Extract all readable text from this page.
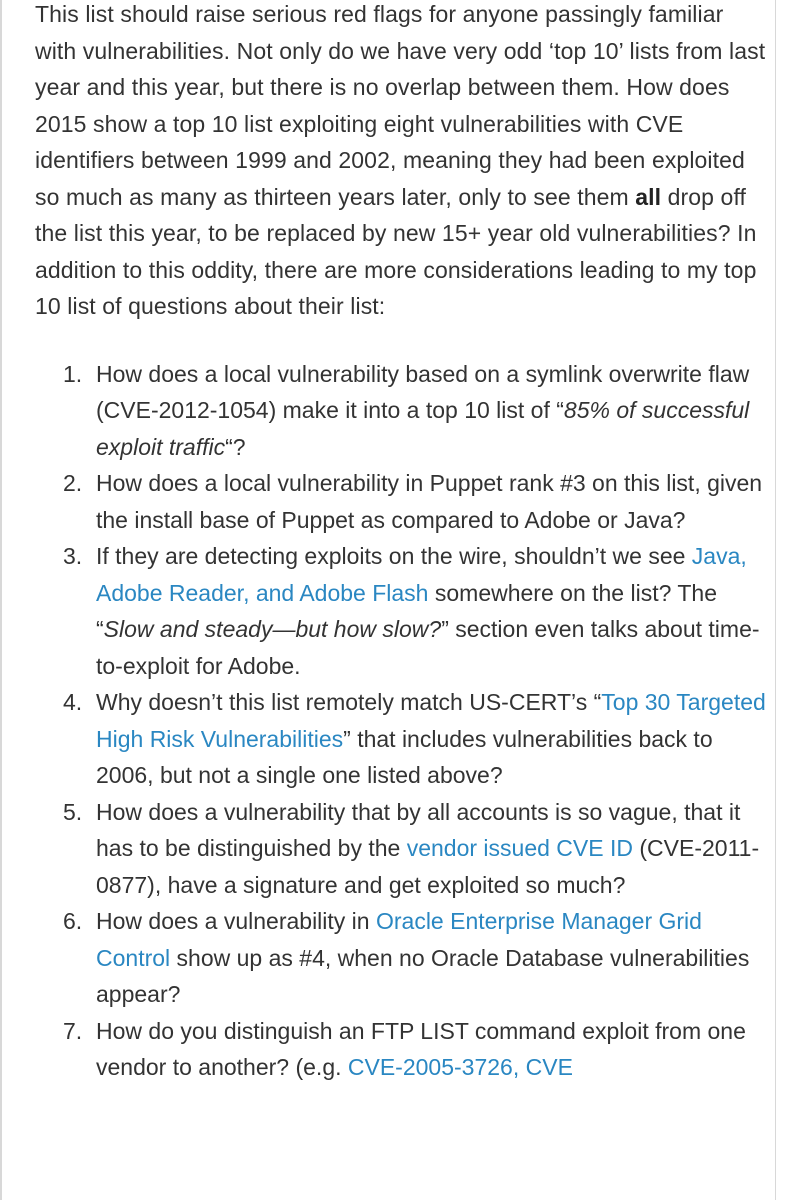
This list should raise serious red flags for anyone passingly familiar with vulnerabilities. Not only do we have very odd ‘top 10’ lists from last year and this year, but there is no overlap between them. How does 2015 show a top 10 list exploiting eight vulnerabilities with CVE identifiers between 1999 and 2002, meaning they had been exploited so much as many as thirteen years later, only to see them all drop off the list this year, to be replaced by new 15+ year old vulnerabilities? In addition to this oddity, there are more considerations leading to my top 10 list of questions about their list:

1. How does a local vulnerability based on a symlink overwrite flaw (CVE-2012-1054) make it into a top 10 list of “85% of successful exploit traffic“?
2. How does a local vulnerability in Puppet rank #3 on this list, given the install base of Puppet as compared to Adobe or Java?
3. If they are detecting exploits on the wire, shouldn’t we see Java, Adobe Reader, and Adobe Flash somewhere on the list? The “Slow and steady—but how slow?” section even talks about time-to-exploit for Adobe.
4. Why doesn’t this list remotely match US-CERT’s “Top 30 Targeted High Risk Vulnerabilities” that includes vulnerabilities back to 2006, but not a single one listed above?
5. How does a vulnerability that by all accounts is so vague, that it has to be distinguished by the vendor issued CVE ID (CVE-2011-0877), have a signature and get exploited so much?
6. How does a vulnerability in Oracle Enterprise Manager Grid Control show up as #4, when no Oracle Database vulnerabilities appear?
7. How do you distinguish an FTP LIST command exploit from one vendor to another? (e.g. CVE-2005-3726, CVE
